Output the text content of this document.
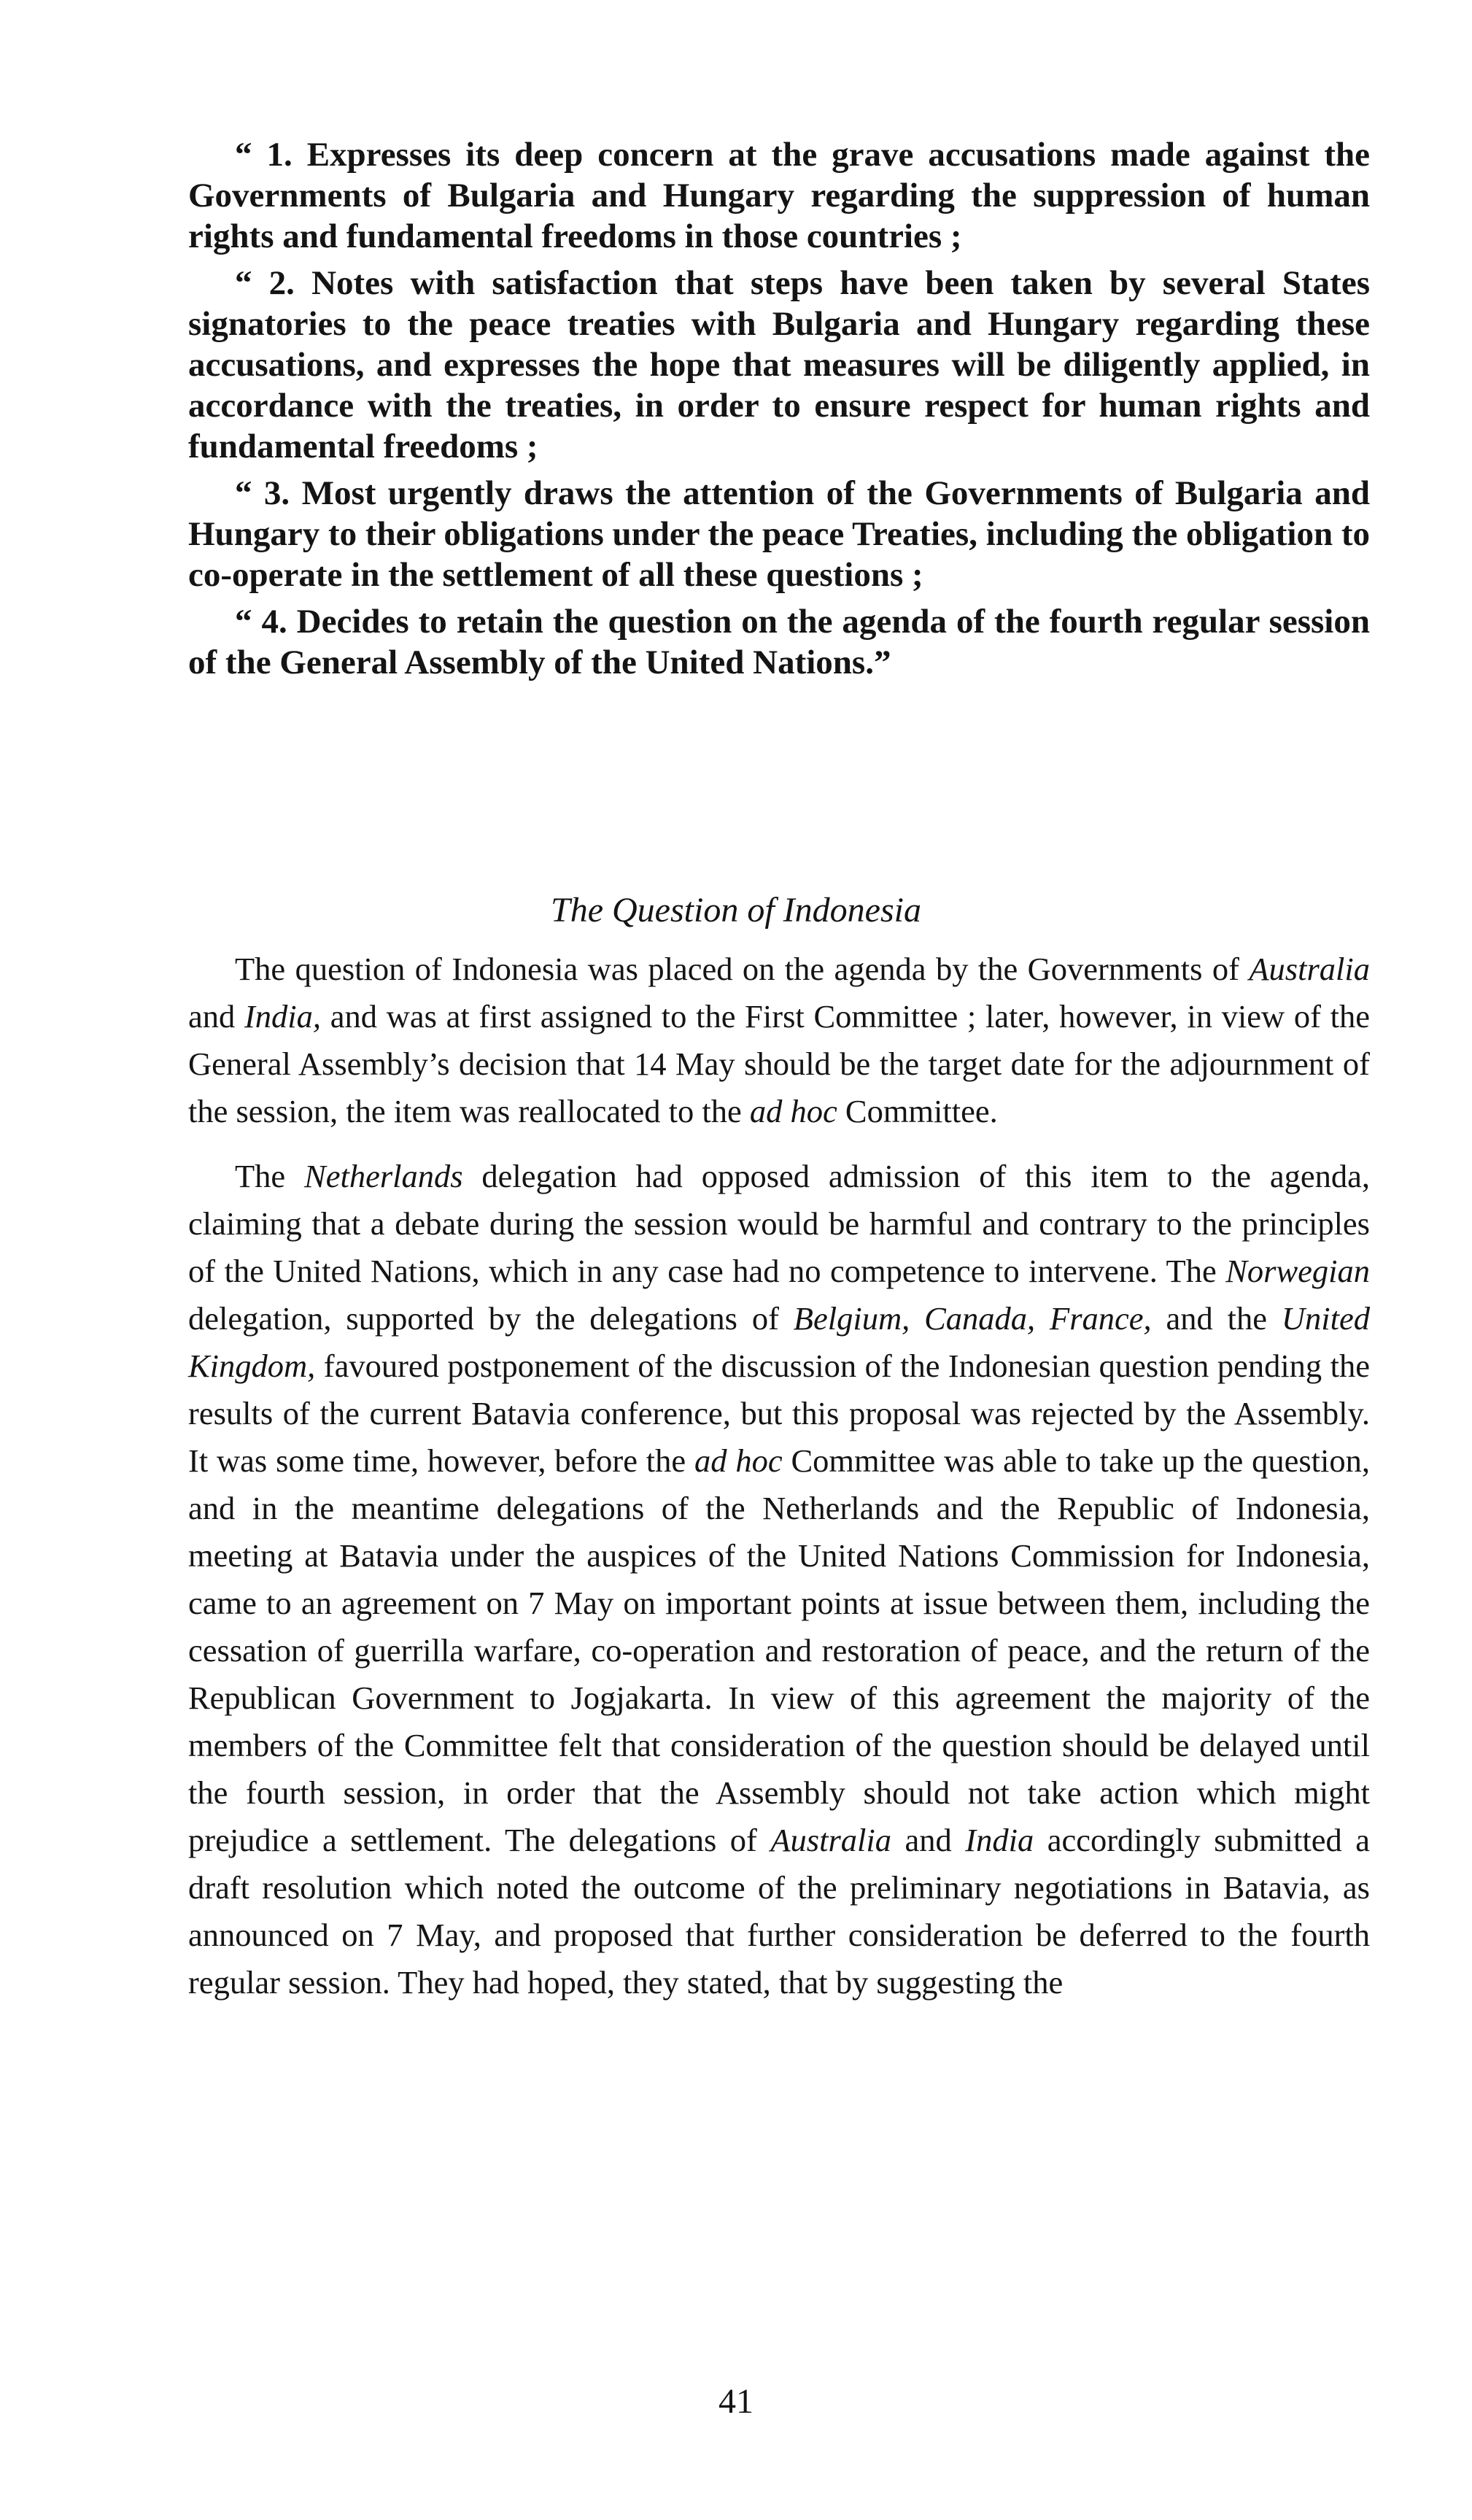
“ 1. Expresses its deep concern at the grave accusations made against the Governments of Bulgaria and Hungary regarding the suppression of human rights and fundamental freedoms in those countries ;

“ 2. Notes with satisfaction that steps have been taken by several States signatories to the peace treaties with Bulgaria and Hungary regarding these accusations, and expresses the hope that measures will be diligently applied, in accordance with the treaties, in order to ensure respect for human rights and fundamental freedoms ;

“ 3. Most urgently draws the attention of the Governments of Bulgaria and Hungary to their obligations under the peace Treaties, including the obligation to co-operate in the settlement of all these questions ;

“ 4. Decides to retain the question on the agenda of the fourth regular session of the General Assembly of the United Nations.”

The Question of Indonesia

The question of Indonesia was placed on the agenda by the Governments of Australia and India, and was at first assigned to the First Committee ; later, however, in view of the General Assembly’s decision that 14 May should be the target date for the adjournment of the session, the item was reallocated to the ad hoc Committee.

The Netherlands delegation had opposed admission of this item to the agenda, claiming that a debate during the session would be harmful and contrary to the principles of the United Nations, which in any case had no competence to intervene. The Norwegian delegation, supported by the delegations of Belgium, Canada, France, and the United Kingdom, favoured postponement of the discussion of the Indonesian question pending the results of the current Batavia conference, but this proposal was rejected by the Assembly. It was some time, however, before the ad hoc Committee was able to take up the question, and in the meantime delegations of the Netherlands and the Republic of Indonesia, meeting at Batavia under the auspices of the United Nations Commission for Indonesia, came to an agreement on 7 May on important points at issue between them, including the cessation of guerrilla warfare, co-operation and restoration of peace, and the return of the Republican Government to Jogjakarta. In view of this agreement the majority of the members of the Committee felt that consideration of the question should be delayed until the fourth session, in order that the Assembly should not take action which might prejudice a settlement. The delegations of Australia and India accordingly submitted a draft resolution which noted the outcome of the preliminary negotiations in Batavia, as announced on 7 May, and proposed that further consideration be deferred to the fourth regular session. They had hoped, they stated, that by suggesting the

41
